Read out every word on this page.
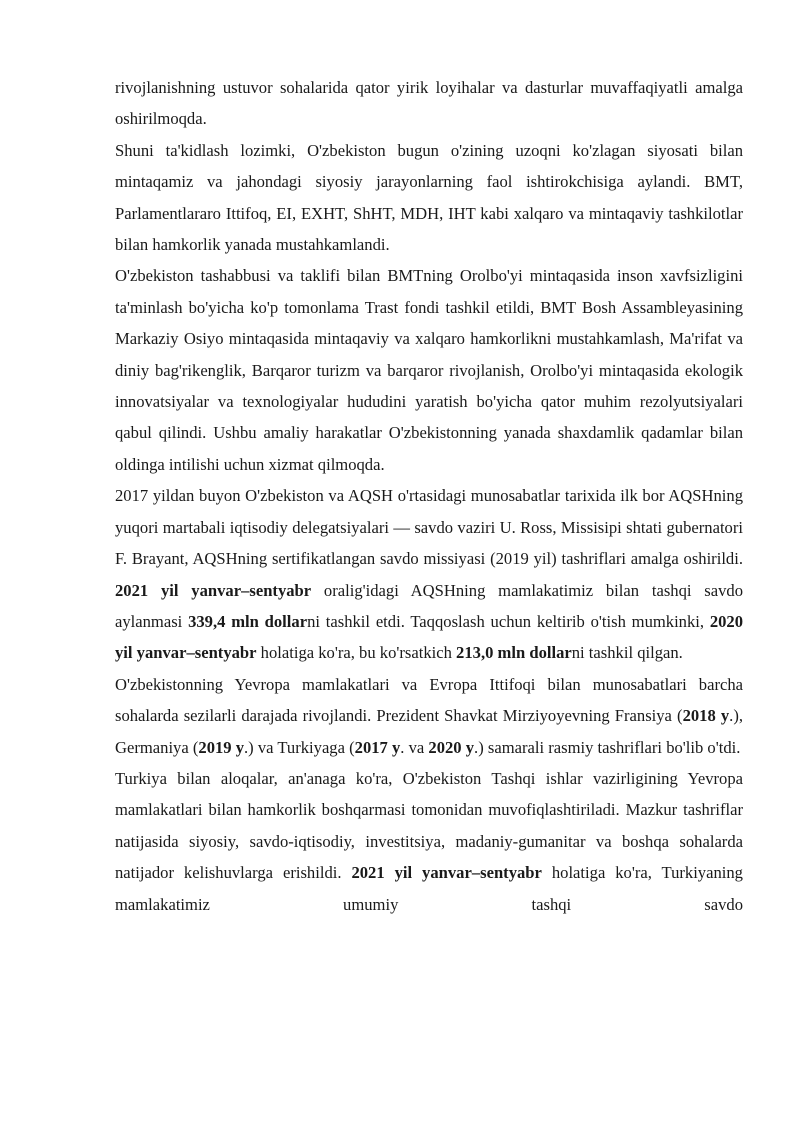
rivojlanishning ustuvor sohalarida qator yirik loyihalar va dasturlar muvaffaqiyatli amalga oshirilmoqda.

Shuni ta'kidlash lozimki, O'zbekiston bugun o'zining uzoqni ko'zlagan siyosati bilan mintaqamiz va jahondagi siyosiy jarayonlarning faol ishtirokchisiga aylandi. BMT, Parlamentlararo Ittifoq, EI, EXHT, ShHT, MDH, IHT kabi xalqaro va mintaqaviy tashkilotlar bilan hamkorlik yanada mustahkamlandi.

O'zbekiston tashabbusi va taklifi bilan BMTning Orolbo'yi mintaqasida inson xavfsizligini ta'minlash bo'yicha ko'p tomonlama Trast fondi tashkil etildi, BMT Bosh Assambleyasining Markaziy Osiyo mintaqasida mintaqaviy va xalqaro hamkorlikni mustahkamlash, Ma'rifat va diniy bag'rikenglik, Barqaror turizm va barqaror rivojlanish, Orolbo'yi mintaqasida ekologik innovatsiyalar va texnologiyalar hududini yaratish bo'yicha qator muhim rezolyutsiyalari qabul qilindi. Ushbu amaliy harakatlar O'zbekistonning yanada shaxdamlik qadamlar bilan oldinga intilishi uchun xizmat qilmoqda.

2017 yildan buyon O'zbekiston va AQSH o'rtasidagi munosabatlar tarixida ilk bor AQSHning yuqori martabali iqtisodiy delegatsiyalari — savdo vaziri U. Ross, Missisipi shtati gubernatori F. Brayant, AQSHning sertifikatlangan savdo missiyasi (2019 yil) tashriflari amalga oshirildi. 2021 yil yanvar–sentyabr oralig'idagi AQSHning mamlakatimiz bilan tashqi savdo aylanmasi 339,4 mln dollarni tashkil etdi. Taqqoslash uchun keltirib o'tish mumkinki, 2020 yil yanvar–sentyabr holatiga ko'ra, bu ko'rsatkich 213,0 mln dollarni tashkil qilgan.

O'zbekistonning Yevropa mamlakatlari va Evropa Ittifoqi bilan munosabatlari barcha sohalarda sezilarli darajada rivojlandi. Prezident Shavkat Mirziyoyevning Fransiya (2018 y.), Germaniya (2019 y.) va Turkiyaga (2017 y. va 2020 y.) samarali rasmiy tashriflari bo'lib o'tdi.

Turkiya bilan aloqalar, an'anaga ko'ra, O'zbekiston Tashqi ishlar vazirligining Yevropa mamlakatlari bilan hamkorlik boshqarmasi tomonidan muvofiqlashtiriladi. Mazkur tashriflar natijasida siyosiy, savdo-iqtisodiy, investitsiya, madaniy-gumanitar va boshqa sohalarda natijador kelishuvlarga erishildi. 2021 yil yanvar–sentyabr holatiga ko'ra, Turkiyaning mamlakatimiz umumiy tashqi savdo
